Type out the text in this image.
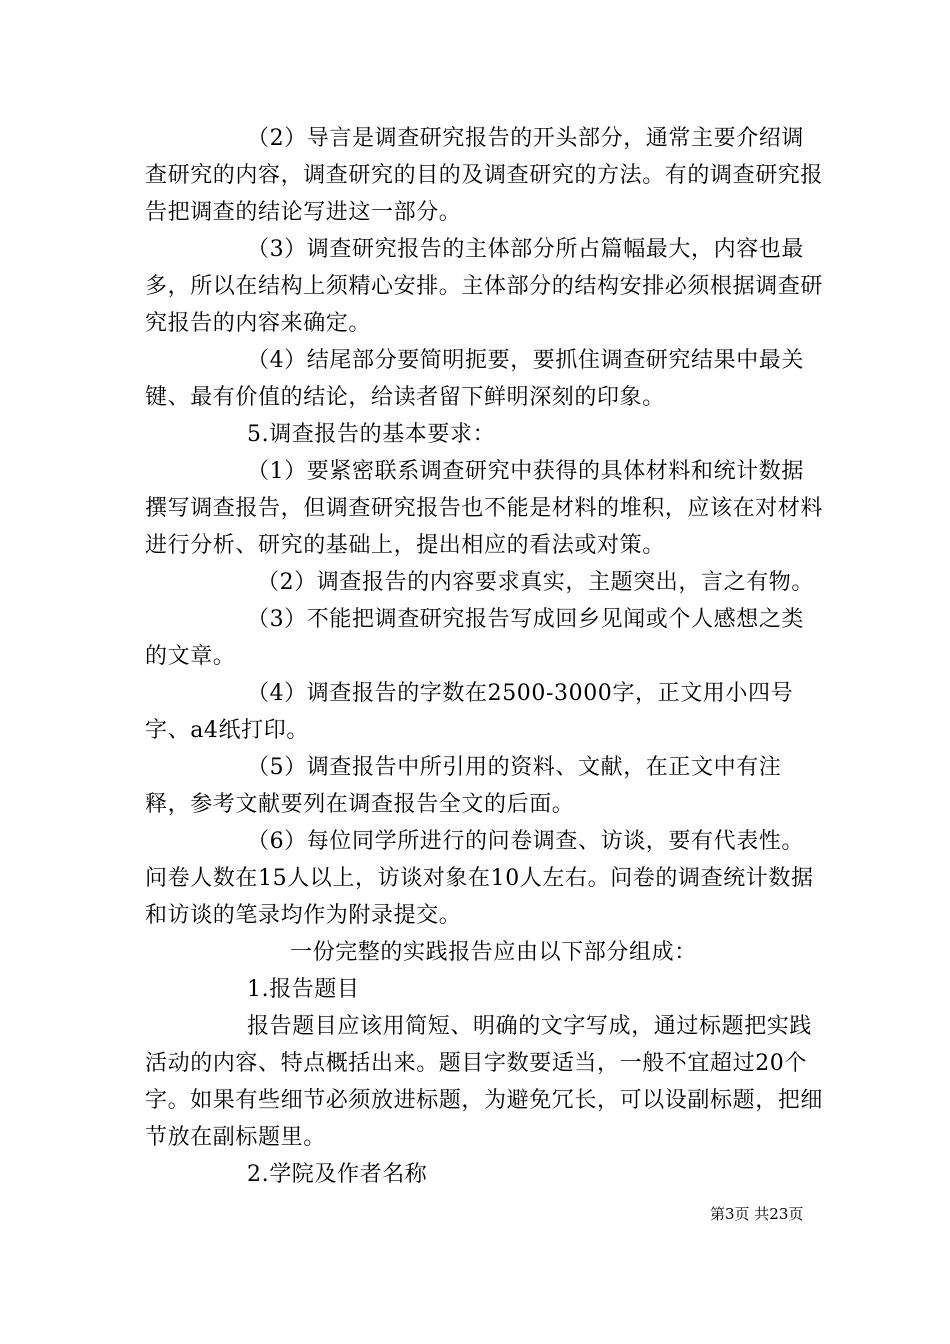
（2）导言是调查研究报告的开头部分，通常主要介绍调查研究的内容，调查研究的目的及调查研究的方法。有的调查研究报告把调查的结论写进这一部分。

（3）调查研究报告的主体部分所占篇幅最大，内容也最多，所以在结构上须精心安排。主体部分的结构安排必须根据调查研究报告的内容来确定。

（4）结尾部分要简明扼要，要抓住调查研究结果中最关键、最有价值的结论，给读者留下鲜明深刻的印象。

5.调查报告的基本要求：

（1）要紧密联系调查研究中获得的具体材料和统计数据撰写调查报告，但调查研究报告也不能是材料的堆积，应该在对材料进行分析、研究的基础上，提出相应的看法或对策。

（2）调查报告的内容要求真实，主题突出，言之有物。

（3）不能把调查研究报告写成回乡见闻或个人感想之类的文章。

（4）调查报告的字数在2500-3000字，正文用小四号字、a4纸打印。

（5）调查报告中所引用的资料、文献，在正文中有注释，参考文献要列在调查报告全文的后面。

（6）每位同学所进行的问卷调查、访谈，要有代表性。问卷人数在15人以上，访谈对象在10人左右。问卷的调查统计数据和访谈的笔录均作为附录提交。

一份完整的实践报告应由以下部分组成：

1.报告题目

报告题目应该用简短、明确的文字写成，通过标题把实践活动的内容、特点概括出来。题目字数要适当，一般不宜超过20个字。如果有些细节必须放进标题，为避免冗长，可以设副标题，把细节放在副标题里。

2.学院及作者名称

第3页 共23页
